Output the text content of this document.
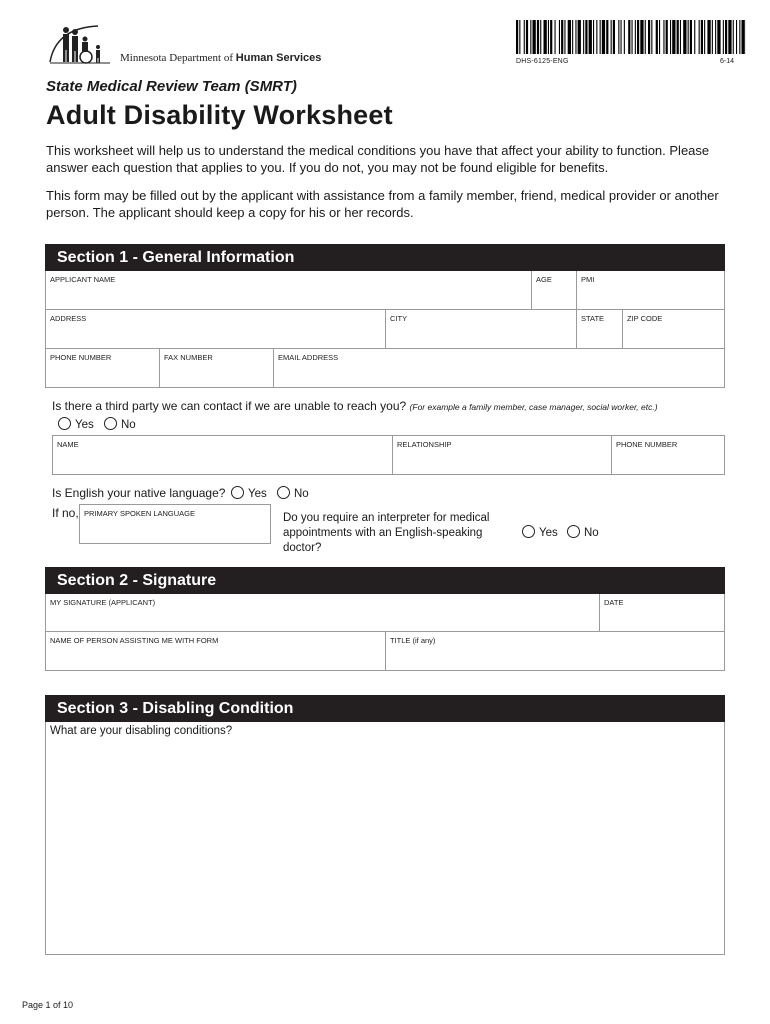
Minnesota Department of Human Services	DHS-6125-ENG	6-14
State Medical Review Team (SMRT)
Adult Disability Worksheet
This worksheet will help us to understand the medical conditions you have that affect your ability to function. Please answer each question that applies to you. If you do not, you may not be found eligible for benefits.
This form may be filled out by the applicant with assistance from a family member, friend, medical provider or another person. The applicant should keep a copy for his or her records.
Section 1 - General Information
APPLICANT NAME	AGE	PMI
ADDRESS	CITY	STATE	ZIP CODE
PHONE NUMBER	FAX NUMBER	EMAIL ADDRESS
Is there a third party we can contact if we are unable to reach you? (For example a family member, case manager, social worker, etc.)
Yes	No
NAME	RELATIONSHIP	PHONE NUMBER
Is English your native language?	Yes	No
If no, PRIMARY SPOKEN LANGUAGE	Do you require an interpreter for medical appointments with an English-speaking doctor?
Yes	No
Section 2 - Signature
MY SIGNATURE (APPLICANT)	DATE
NAME OF PERSON ASSISTING ME WITH FORM	TITLE (if any)
Section 3 - Disabling Condition
What are your disabling conditions?
Page 1 of 10
